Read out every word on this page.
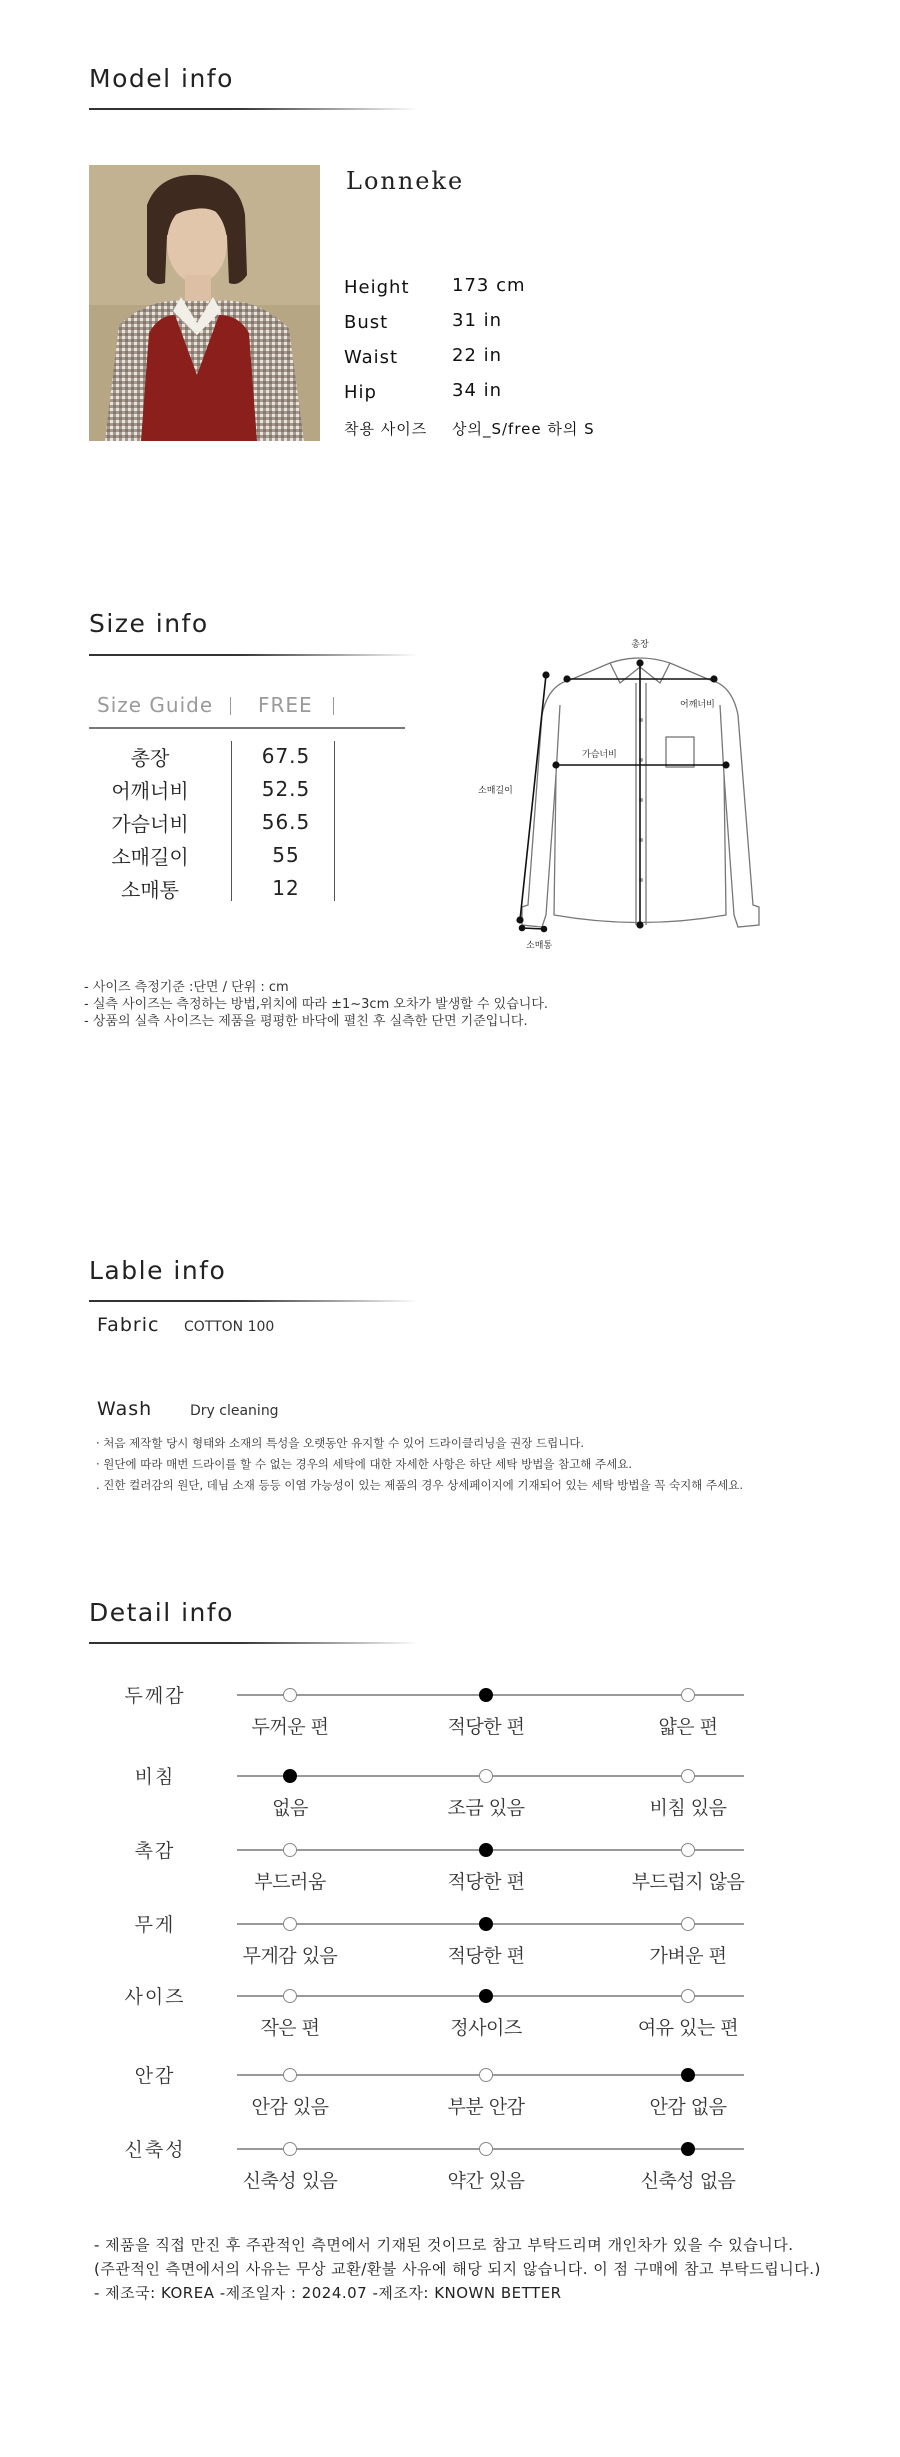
Model info
Lonneke
Height 173 cm
Bust	31 in
Waist	22 in
Hip	34 in
착용 사이즈 상의_S/free 하의 S
Size info
Size Guide FREE
총장	67.5
어깨너비	52.5
가슴너비	56.5
소매길이	55
소매통	12
총장
어깨너비
가슴너비
소매길이
소매통
- 사이즈 측정기준 :단면 / 단위 : cm
- 실측 사이즈는 측정하는 방법,위치에 따라 ±1~3cm 오차가 발생할 수 있습니다.
- 상품의 실측 사이즈는 제품을 평평한 바닥에 펼친 후 실측한 단면 기준입니다.
Lable info
Fabric COTTON 100
Wash	Dry cleaning
· 처음 제작할 당시 형태와 소재의 특성을 오랫동안 유지할 수 있어 드라이클리닝을 권장 드립니다.
· 원단에 따라 매번 드라이를 할 수 없는 경우의 세탁에 대한 자세한 사항은 하단 세탁 방법을 참고해 주세요.
. 진한 컬러감의 원단, 데님 소재 등등 이염 가능성이 있는 제품의 경우 상세페이지에 기재되어 있는 세탁 방법을 꼭 숙지해 주세요.
Detail info
두께감
두꺼운 편	적당한 편	얇은 편
비침
없음	조금 있음	비침 있음
촉감
부드러움	적당한 편	부드럽지 않음
무게
무게감 있음	적당한 편	가벼운 편
사이즈
작은 편	정사이즈	여유 있는 편
안감
안감 있음	부분 안감	안감 없음
신축성
신축성 있음	약간 있음	신축성 없음
- 제품을 직접 만진 후 주관적인 측면에서 기재된 것이므로 참고 부탁드리며 개인차가 있을 수 있습니다.
(주관적인 측면에서의 사유는 무상 교환/환불 사유에 해당 되지 않습니다. 이 점 구매에 참고 부탁드립니다.)
- 제조국: KOREA -제조일자 : 2024.07 -제조자: KNOWN BETTER
